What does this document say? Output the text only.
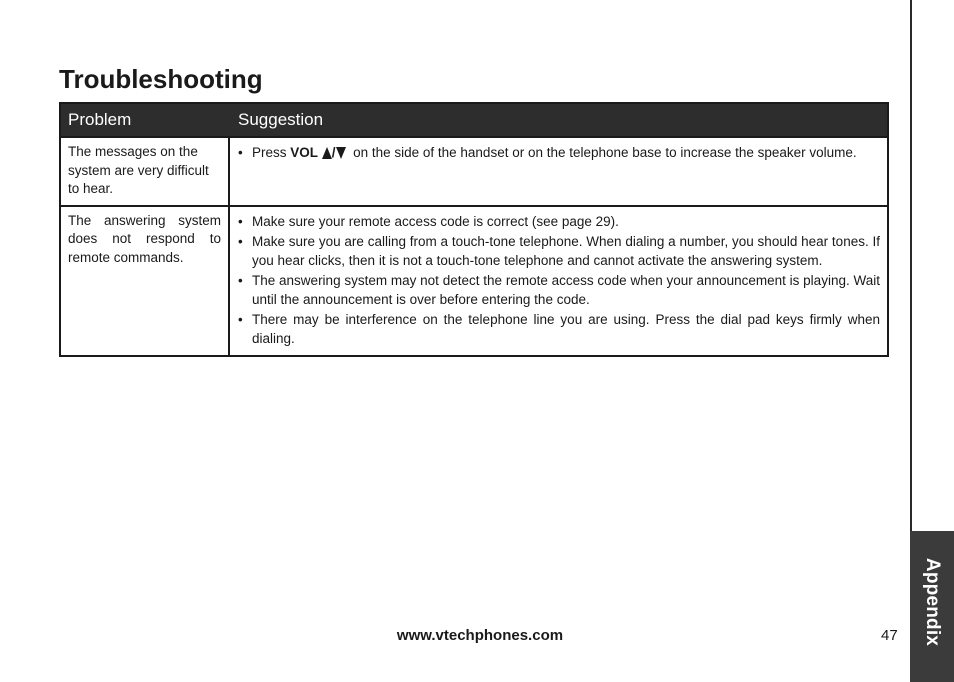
Appendix
Troubleshooting
Problem	Suggestion
The messages on the system are very difficult to hear.
• Press VOL / on the side of the handset or on the telephone base to increase the speaker volume.
The answering system does not respond to remote commands.
• Make sure your remote access code is correct (see page 29).
• Make sure you are calling from a touch-tone telephone. When dialing a number, you should hear tones. If you hear clicks, then it is not a touch-tone telephone and cannot activate the answering system.
• The answering system may not detect the remote access code when your announcement is playing. Wait until the announcement is over before entering the code.
• There may be interference on the telephone line you are using. Press the dial pad keys firmly when dialing.
www.vtechphones.com	47
